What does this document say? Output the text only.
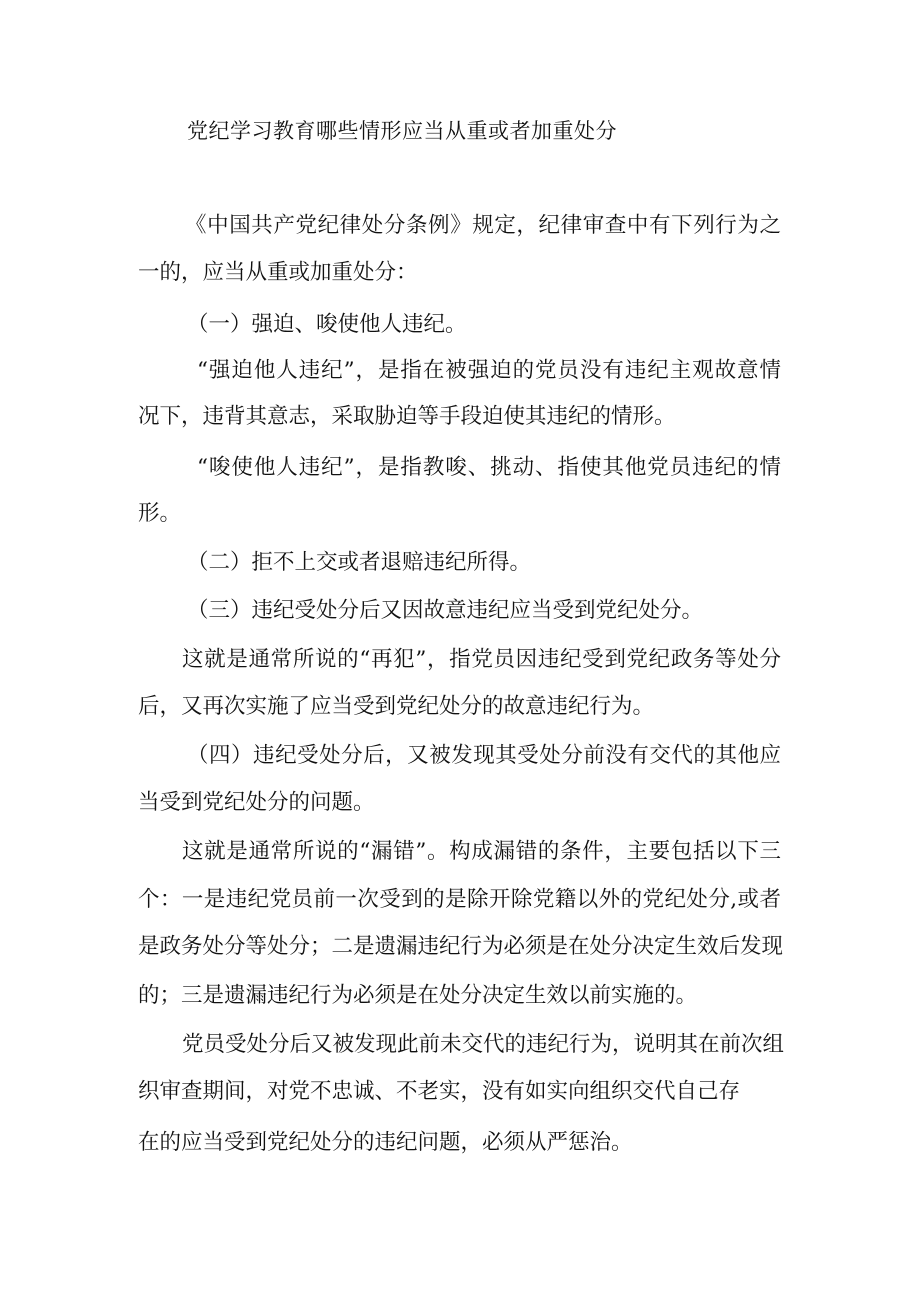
党纪学习教育哪些情形应当从重或者加重处分
《中国共产党纪律处分条例》规定，纪律审查中有下列行为之
一的，应当从重或加重处分：
（一）强迫、唆使他人违纪。
“强迫他人违纪”，是指在被强迫的党员没有违纪主观故意情
况下，违背其意志，采取胁迫等手段迫使其违纪的情形。
“唆使他人违纪”，是指教唆、挑动、指使其他党员违纪的情
形。
（二）拒不上交或者退赔违纪所得。
（三）违纪受处分后又因故意违纪应当受到党纪处分。
这就是通常所说的“再犯”，指党员因违纪受到党纪政务等处分
后，又再次实施了应当受到党纪处分的故意违纪行为。
（四）违纪受处分后，又被发现其受处分前没有交代的其他应
当受到党纪处分的问题。
这就是通常所说的“漏错”。构成漏错的条件，主要包括以下三
个：一是违纪党员前一次受到的是除开除党籍以外的党纪处分,或者
是政务处分等处分；二是遗漏违纪行为必须是在处分决定生效后发现
的；三是遗漏违纪行为必须是在处分决定生效以前实施的。
党员受处分后又被发现此前未交代的违纪行为，说明其在前次组
织审查期间，对党不忠诚、不老实，没有如实向组织交代自己存
在的应当受到党纪处分的违纪问题，必须从严惩治。
